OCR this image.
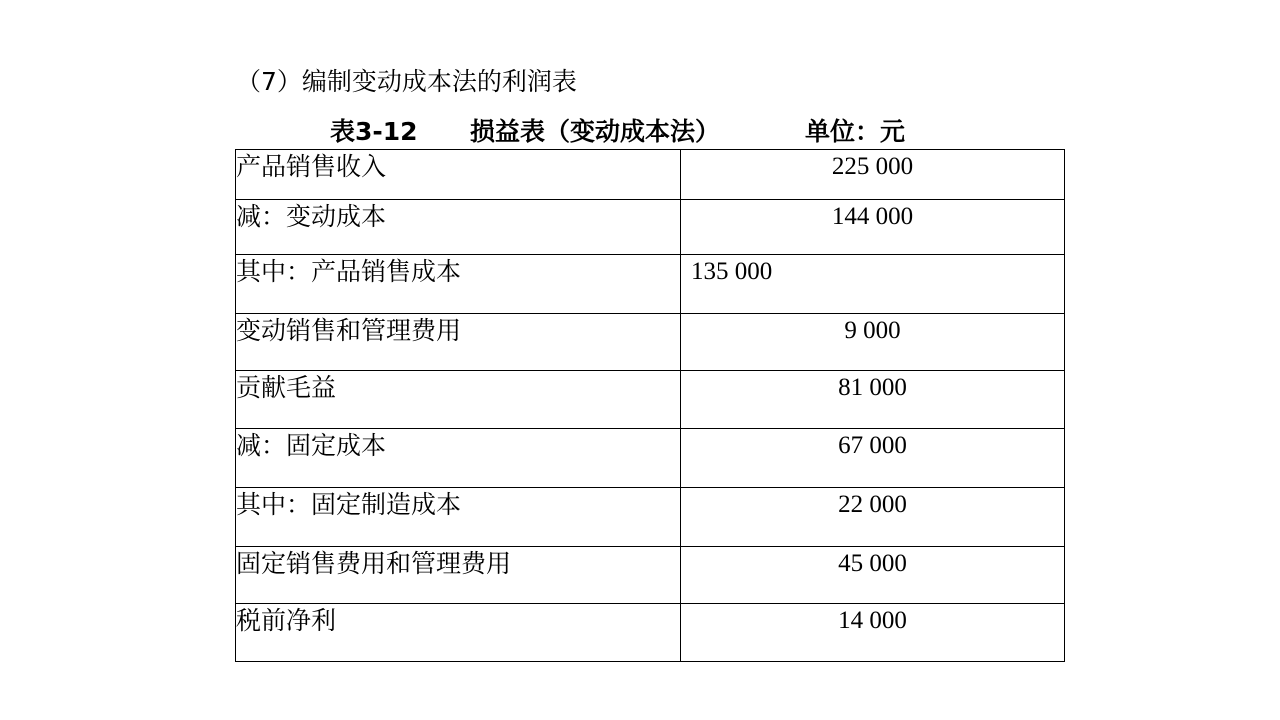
（7）编制变动成本法的利润表
表3-12 损益表（变动成本法）	单位：元
产品销售收入	225 000
减：变动成本	144 000
其中：产品销售成本	135 000
变动销售和管理费用	9 000
贡献毛益	81 000
减：固定成本	67 000
其中：固定制造成本	22 000
固定销售费用和管理费用	45 000
税前净利	14 000
